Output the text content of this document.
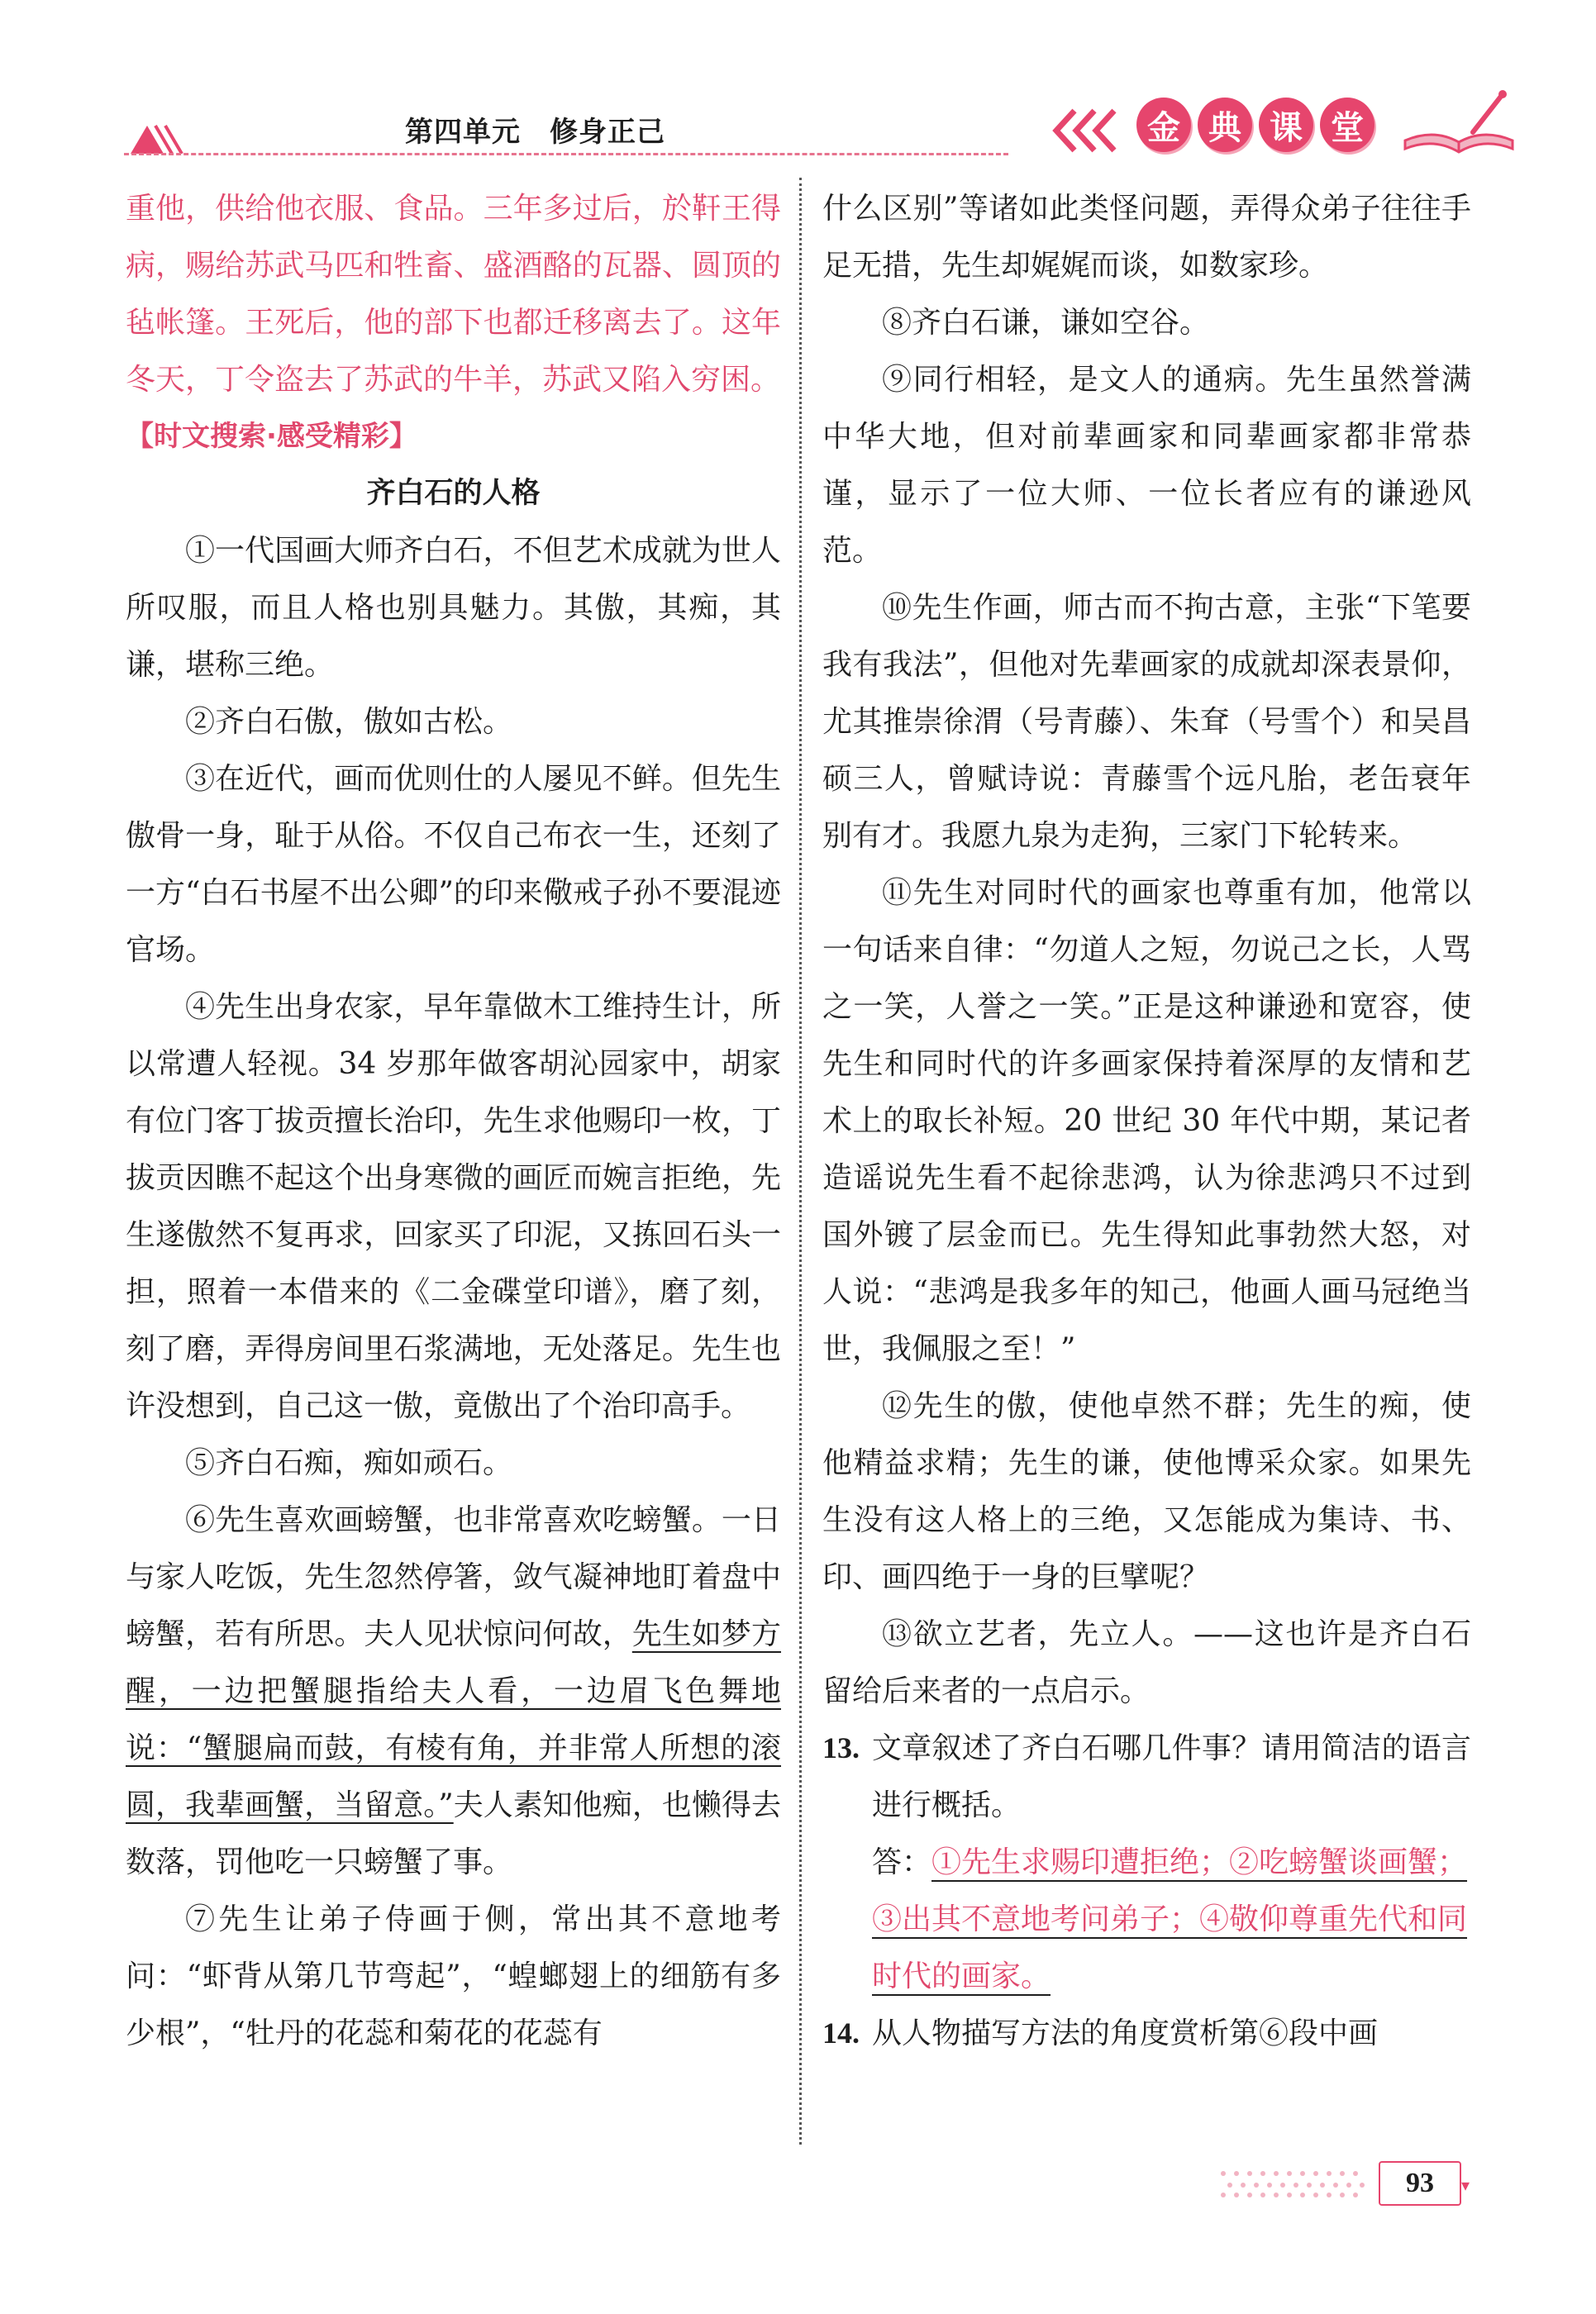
第四单元　修身正己	金 典 课 堂

重他，供给他衣服、食品。三年多过后，於靬王得病，赐给苏武马匹和牲畜、盛酒酪的瓦器、圆顶的毡帐篷。王死后，他的部下也都迁移离去了。这年冬天，丁令盗去了苏武的牛羊，苏武又陷入穷困。

【时文搜索·感受精彩】

齐白石的人格

①一代国画大师齐白石，不但艺术成就为世人所叹服，而且人格也别具魅力。其傲，其痴，其谦，堪称三绝。

②齐白石傲，傲如古松。

③在近代，画而优则仕的人屡见不鲜。但先生傲骨一身，耻于从俗。不仅自己布衣一生，还刻了一方“白石书屋不出公卿”的印来儆戒子孙不要混迹官场。

④先生出身农家，早年靠做木工维持生计，所以常遭人轻视。34 岁那年做客胡沁园家中，胡家有位门客丁拔贡擅长治印，先生求他赐印一枚，丁拔贡因瞧不起这个出身寒微的画匠而婉言拒绝，先生遂傲然不复再求，回家买了印泥，又拣回石头一担，照着一本借来的《二金碟堂印谱》，磨了刻，刻了磨，弄得房间里石浆满地，无处落足。先生也许没想到，自己这一傲，竟傲出了个治印高手。

⑤齐白石痴，痴如顽石。

⑥先生喜欢画螃蟹，也非常喜欢吃螃蟹。一日与家人吃饭，先生忽然停箸，敛气凝神地盯着盘中螃蟹，若有所思。夫人见状惊问何故，先生如梦方醒，一边把蟹腿指给夫人看，一边眉飞色舞地说：“蟹腿扁而鼓，有棱有角，并非常人所想的滚圆，我辈画蟹，当留意。”夫人素知他痴，也懒得去数落，罚他吃一只螃蟹了事。

⑦先生让弟子侍画于侧，常出其不意地考问：“虾背从第几节弯起”，“蝗螂翅上的细筋有多少根”，“牡丹的花蕊和菊花的花蕊有

什么区别”等诸如此类怪问题，弄得众弟子往往手足无措，先生却娓娓而谈，如数家珍。

⑧齐白石谦，谦如空谷。

⑨同行相轻，是文人的通病。先生虽然誉满中华大地，但对前辈画家和同辈画家都非常恭谨，显示了一位大师、一位长者应有的谦逊风范。

⑩先生作画，师古而不拘古意，主张“下笔要我有我法”，但他对先辈画家的成就却深表景仰，尤其推崇徐渭（号青藤）、朱耷（号雪个）和吴昌硕三人，曾赋诗说：青藤雪个远凡胎，老缶衰年别有才。我愿九泉为走狗，三家门下轮转来。

⑪先生对同时代的画家也尊重有加，他常以一句话来自律：“勿道人之短，勿说己之长，人骂之一笑，人誉之一笑。”正是这种谦逊和宽容，使先生和同时代的许多画家保持着深厚的友情和艺术上的取长补短。20 世纪 30 年代中期，某记者造谣说先生看不起徐悲鸿，认为徐悲鸿只不过到国外镀了层金而已。先生得知此事勃然大怒，对人说：“悲鸿是我多年的知己，他画人画马冠绝当世，我佩服之至！”

⑫先生的傲，使他卓然不群；先生的痴，使他精益求精；先生的谦，使他博采众家。如果先生没有这人格上的三绝，又怎能成为集诗、书、印、画四绝于一身的巨擘呢？

⑬欲立艺者，先立人。——这也许是齐白石留给后来者的一点启示。

13. 文章叙述了齐白石哪几件事？请用简洁的语言进行概括。

答：①先生求赐印遭拒绝；②吃螃蟹谈画蟹；③出其不意地考问弟子；④敬仰尊重先代和同时代的画家。

14. 从人物描写方法的角度赏析第⑥段中画
93	▾
